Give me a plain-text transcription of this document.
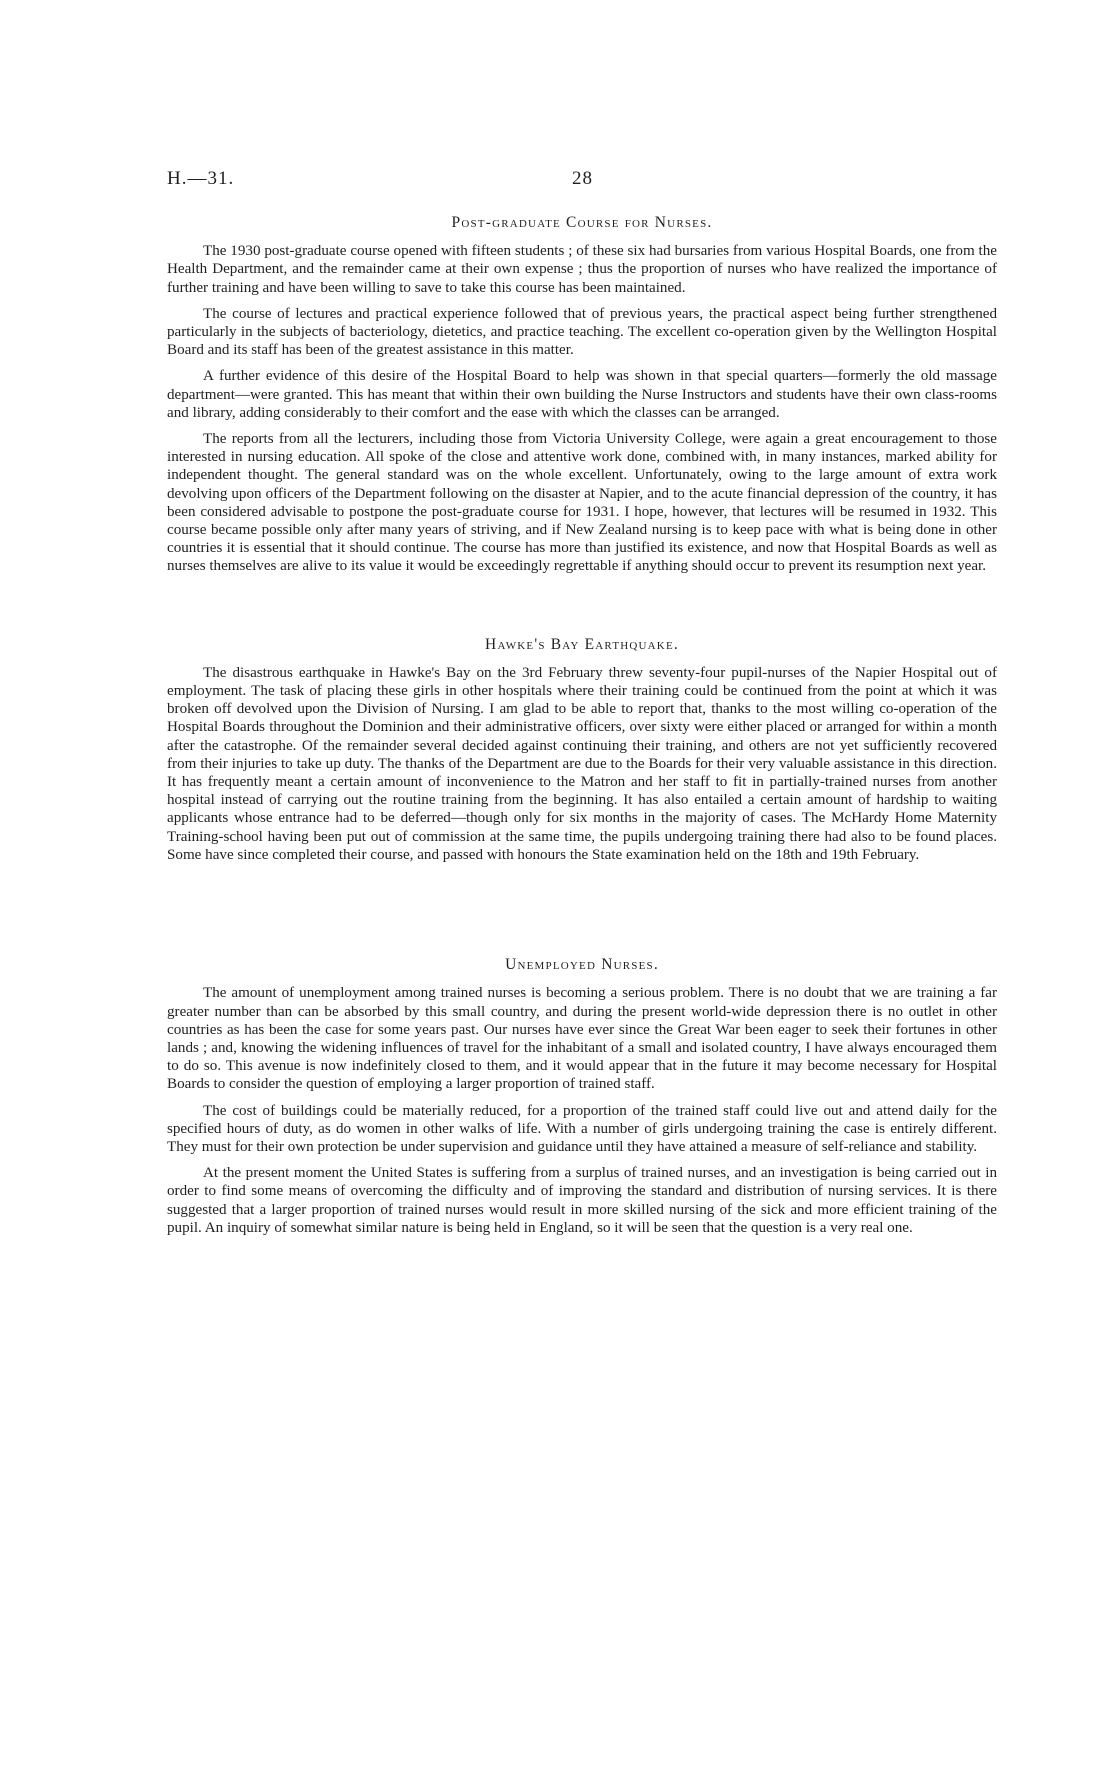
H.—31.	28
Post-graduate Course for Nurses.

The 1930 post-graduate course opened with fifteen students ; of these six had bursaries from various Hospital Boards, one from the Health Department, and the remainder came at their own expense ; thus the proportion of nurses who have realized the importance of further training and have been willing to save to take this course has been maintained.

The course of lectures and practical experience followed that of previous years, the practical aspect being further strengthened particularly in the subjects of bacteriology, dietetics, and practice teaching. The excellent co-operation given by the Wellington Hospital Board and its staff has been of the greatest assistance in this matter.

A further evidence of this desire of the Hospital Board to help was shown in that special quarters—formerly the old massage department—were granted. This has meant that within their own building the Nurse Instructors and students have their own class-rooms and library, adding considerably to their comfort and the ease with which the classes can be arranged.

The reports from all the lecturers, including those from Victoria University College, were again a great encouragement to those interested in nursing education. All spoke of the close and attentive work done, combined with, in many instances, marked ability for independent thought. The general standard was on the whole excellent. Unfortunately, owing to the large amount of extra work devolving upon officers of the Department following on the disaster at Napier, and to the acute financial depression of the country, it has been considered advisable to postpone the post-graduate course for 1931. I hope, however, that lectures will be resumed in 1932. This course became possible only after many years of striving, and if New Zealand nursing is to keep pace with what is being done in other countries it is essential that it should continue. The course has more than justified its existence, and now that Hospital Boards as well as nurses themselves are alive to its value it would be exceedingly regrettable if anything should occur to prevent its resumption next year.

Hawke's Bay Earthquake.

The disastrous earthquake in Hawke's Bay on the 3rd February threw seventy-four pupil-nurses of the Napier Hospital out of employment. The task of placing these girls in other hospitals where their training could be continued from the point at which it was broken off devolved upon the Division of Nursing. I am glad to be able to report that, thanks to the most willing co-operation of the Hospital Boards throughout the Dominion and their administrative officers, over sixty were either placed or arranged for within a month after the catastrophe. Of the remainder several decided against continuing their training, and others are not yet sufficiently recovered from their injuries to take up duty. The thanks of the Department are due to the Boards for their very valuable assistance in this direction. It has frequently meant a certain amount of inconvenience to the Matron and her staff to fit in partially-trained nurses from another hospital instead of carrying out the routine training from the beginning. It has also entailed a certain amount of hardship to waiting applicants whose entrance had to be deferred—though only for six months in the majority of cases. The McHardy Home Maternity Training-school having been put out of commission at the same time, the pupils undergoing training there had also to be found places. Some have since completed their course, and passed with honours the State examination held on the 18th and 19th February.

Unemployed Nurses.

The amount of unemployment among trained nurses is becoming a serious problem. There is no doubt that we are training a far greater number than can be absorbed by this small country, and during the present world-wide depression there is no outlet in other countries as has been the case for some years past. Our nurses have ever since the Great War been eager to seek their fortunes in other lands ; and, knowing the widening influences of travel for the inhabitant of a small and isolated country, I have always encouraged them to do so. This avenue is now indefinitely closed to them, and it would appear that in the future it may become necessary for Hospital Boards to consider the question of employing a larger proportion of trained staff.

The cost of buildings could be materially reduced, for a proportion of the trained staff could live out and attend daily for the specified hours of duty, as do women in other walks of life. With a number of girls undergoing training the case is entirely different. They must for their own protection be under supervision and guidance until they have attained a measure of self-reliance and stability.

At the present moment the United States is suffering from a surplus of trained nurses, and an investigation is being carried out in order to find some means of overcoming the difficulty and of improving the standard and distribution of nursing services. It is there suggested that a larger proportion of trained nurses would result in more skilled nursing of the sick and more efficient training of the pupil. An inquiry of somewhat similar nature is being held in England, so it will be seen that the question is a very real one.
